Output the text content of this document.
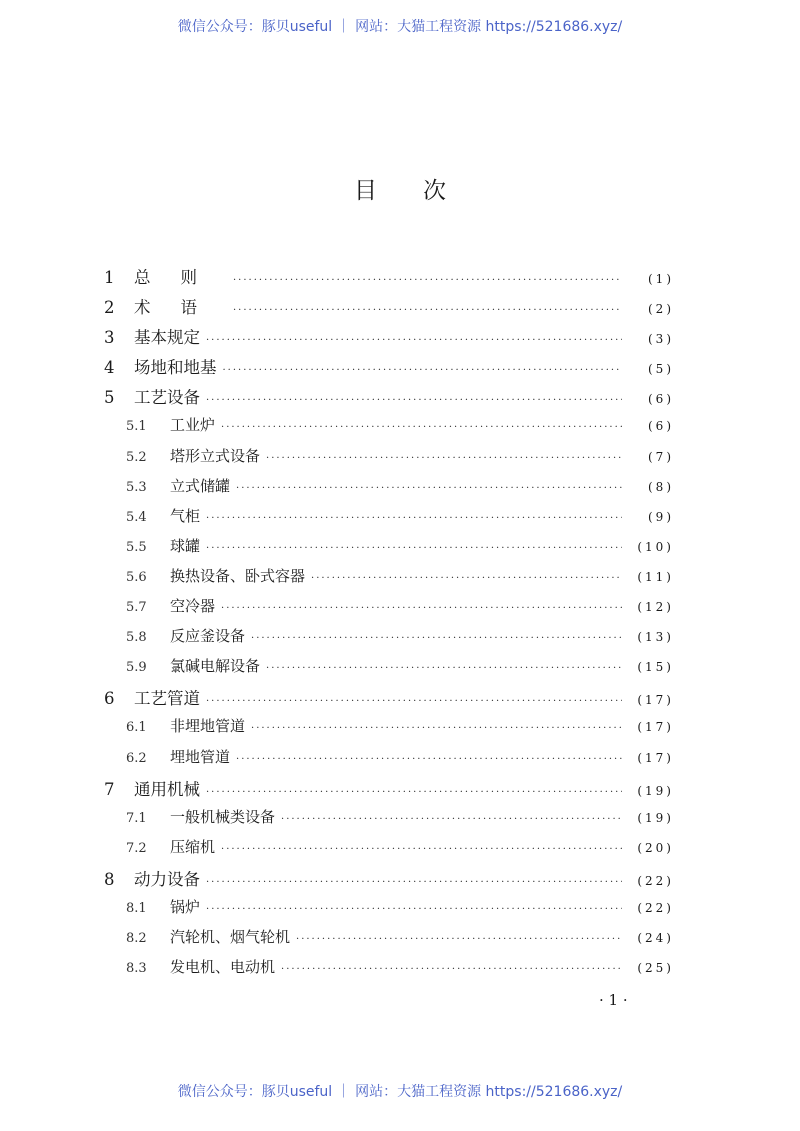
微信公众号：豚贝useful ｜ 网站：大猫工程资源 https://521686.xyz/
目次
1	总则 ·····	(1)
2	术语 ·····	(2)
3	基本规定 ·····	(3)
4	场地和地基 ·····	(5)
5	工艺设备 ·····	(6)
5.1	工业炉 ·····	(6)
5.2	塔形立式设备 ·····	(7)
5.3	立式储罐 ·····	(8)
5.4	气柜 ·····	(9)
5.5	球罐 ·····	(10)
5.6	换热设备、卧式容器 ·····	(11)
5.7	空冷器 ·····	(12)
5.8	反应釜设备 ·····	(13)
5.9	氯碱电解设备 ·····	(15)
6	工艺管道 ·····	(17)
6.1	非埋地管道 ·····	(17)
6.2	埋地管道 ·····	(17)
7	通用机械 ·····	(19)
7.1	一般机械类设备 ·····	(19)
7.2	压缩机 ·····	(20)
8	动力设备 ·····	(22)
8.1	锅炉 ·····	(22)
8.2	汽轮机、烟气轮机 ·····	(24)
8.3	发电机、电动机 ·····	(25)
· 1 ·
微信公众号：豚贝useful ｜ 网站：大猫工程资源 https://521686.xyz/
